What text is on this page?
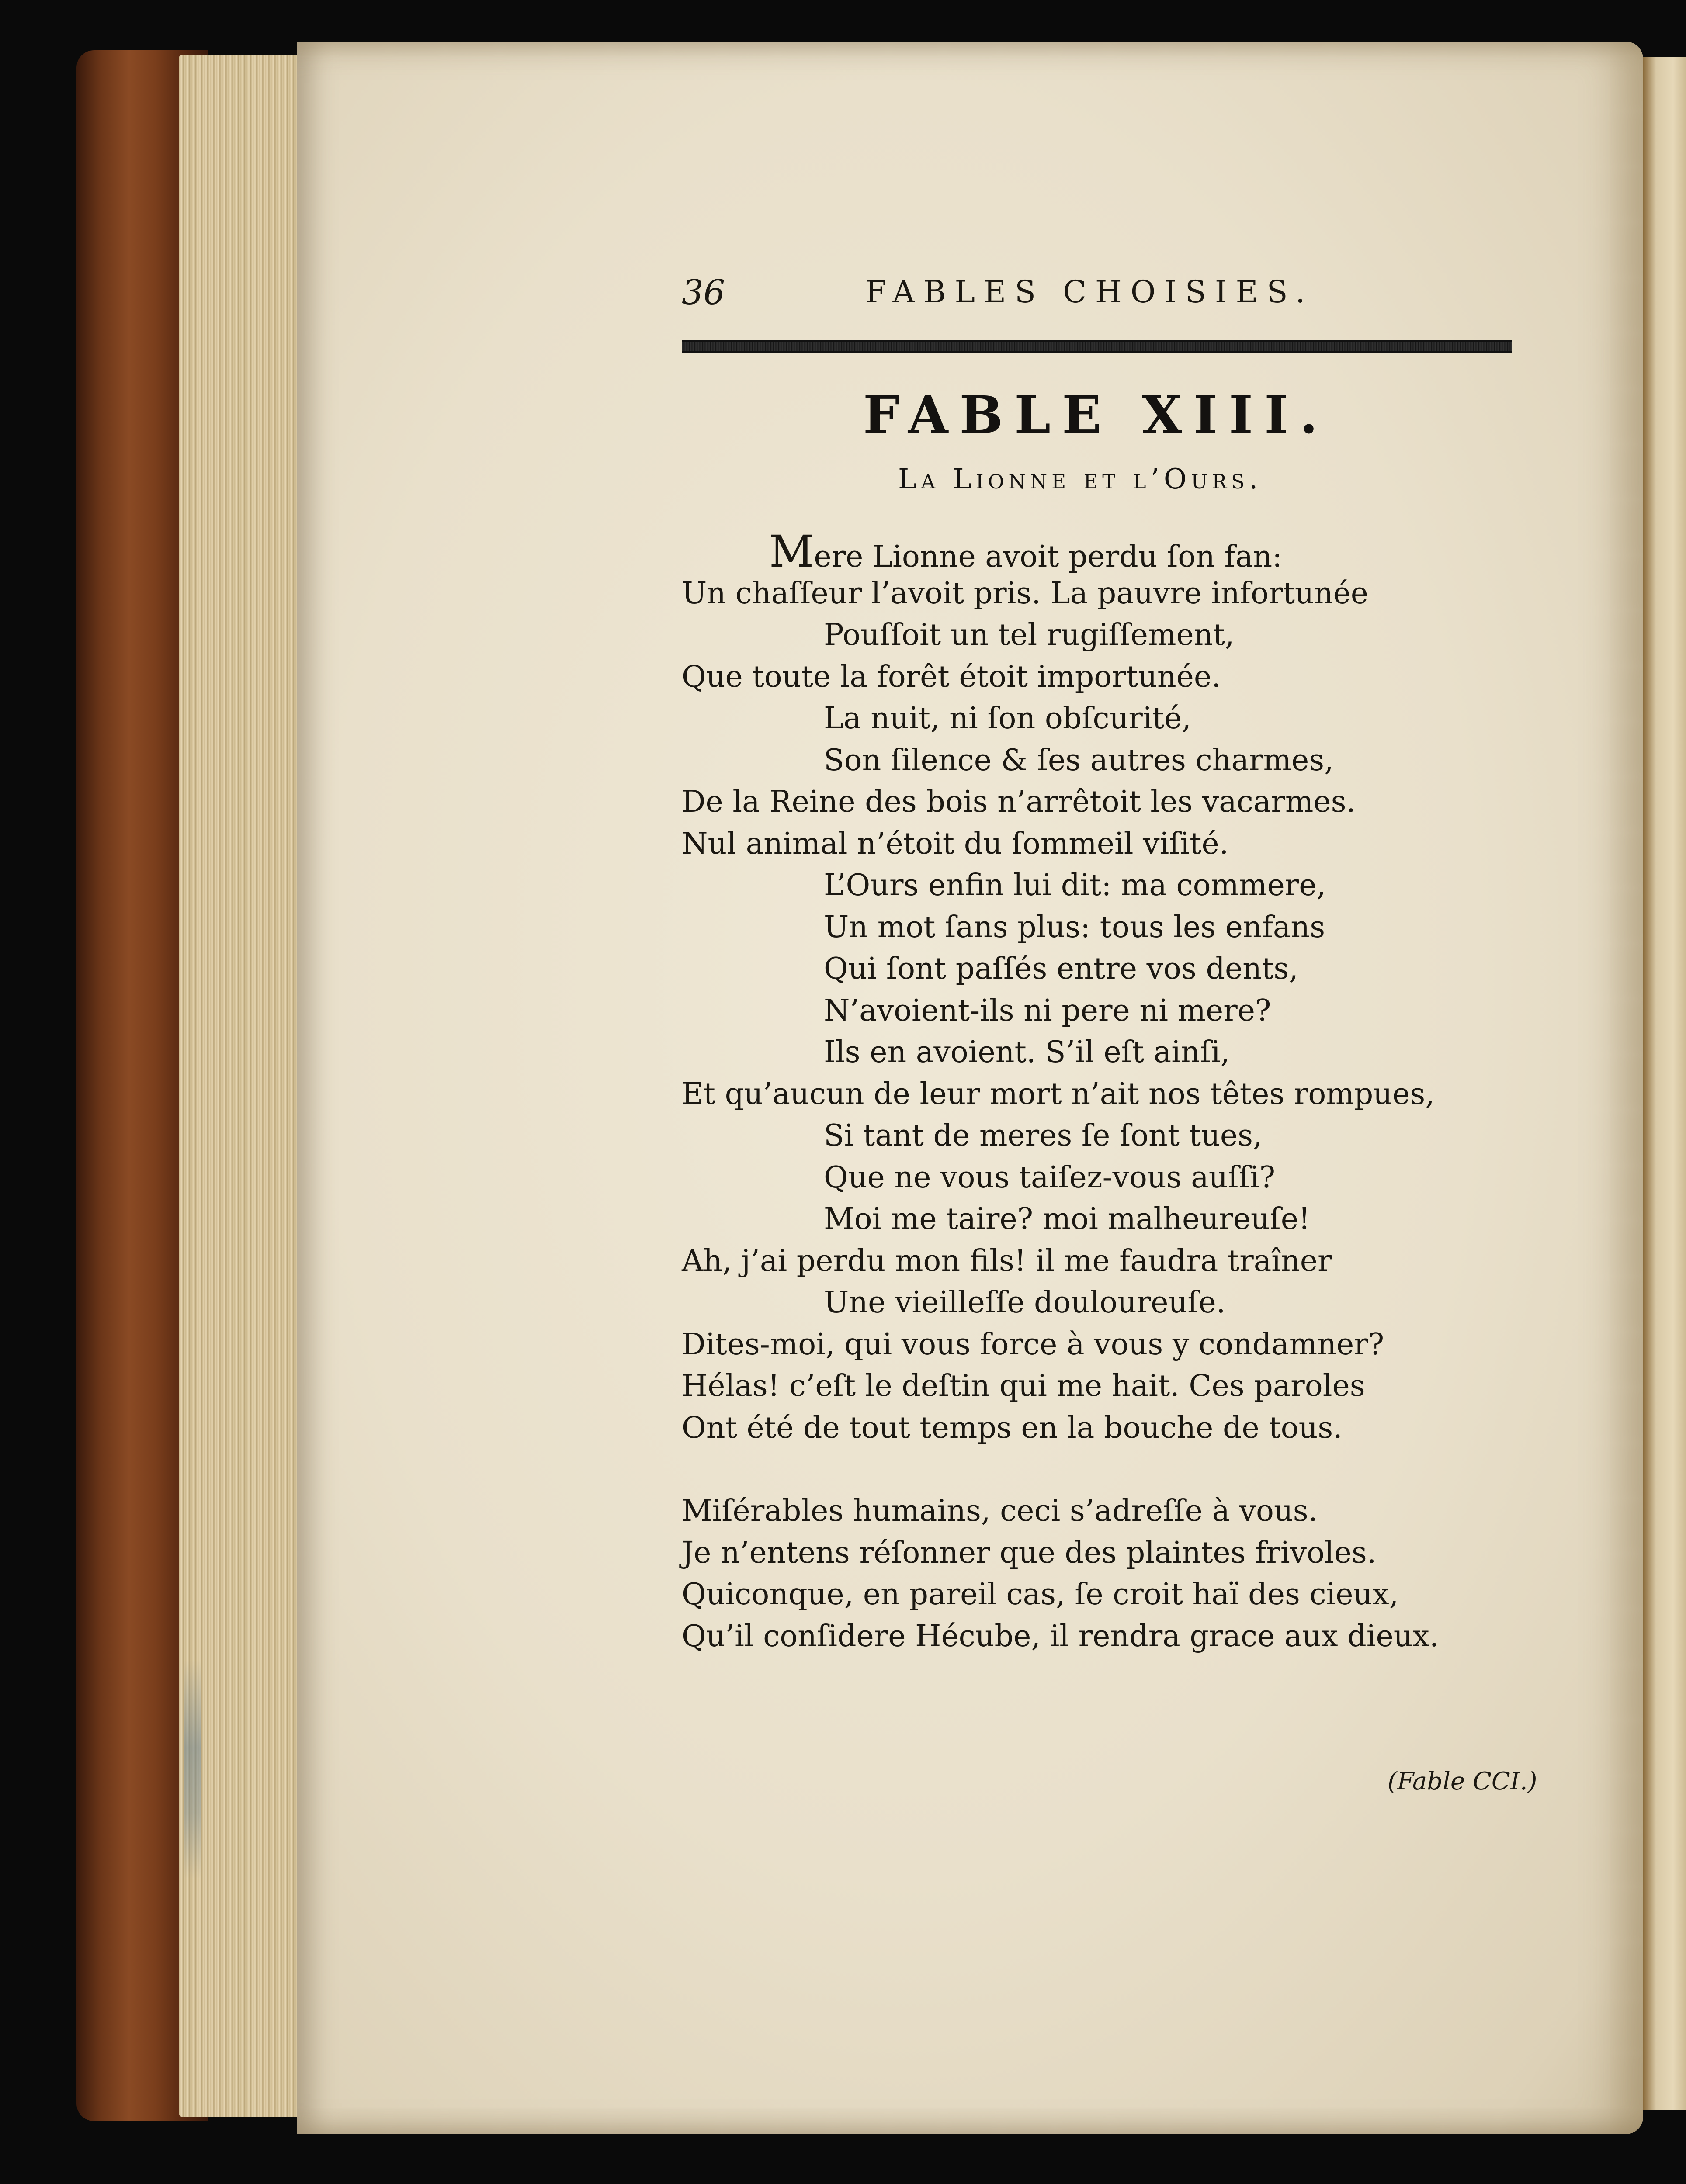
36	FABLES CHOISIES.
FABLE XIII.
La Lionne et l’Ours.
Mere Lionne avoit perdu ſon fan:
Un chaſſeur l’avoit pris. La pauvre infortunée
Pouſſoit un tel rugiſſement,
Que toute la forêt étoit importunée.
La nuit, ni ſon obſcurité,
Son ſilence & ſes autres charmes,
De la Reine des bois n’arrêtoit les vacarmes.
Nul animal n’étoit du ſommeil viſité.
L’Ours enfin lui dit: ma commere,
Un mot ſans plus: tous les enfans
Qui ſont paſſés entre vos dents,
N’avoient-ils ni pere ni mere?
Ils en avoient. S’il eſt ainſi,
Et qu’aucun de leur mort n’ait nos têtes rompues,
Si tant de meres ſe ſont tues,
Que ne vous taiſez-vous auſſi?
Moi me taire? moi malheureuſe!
Ah, j’ai perdu mon fils! il me faudra traîner
Une vieilleſſe douloureuſe.
Dites-moi, qui vous force à vous y condamner?
Hélas! c’eſt le deſtin qui me hait. Ces paroles
Ont été de tout temps en la bouche de tous.
Miſérables humains, ceci s’adreſſe à vous.
Je n’entens réſonner que des plaintes frivoles.
Quiconque, en pareil cas, ſe croit haï des cieux,
Qu’il conſidere Hécube, il rendra grace aux dieux.
(Fable CCI.)
